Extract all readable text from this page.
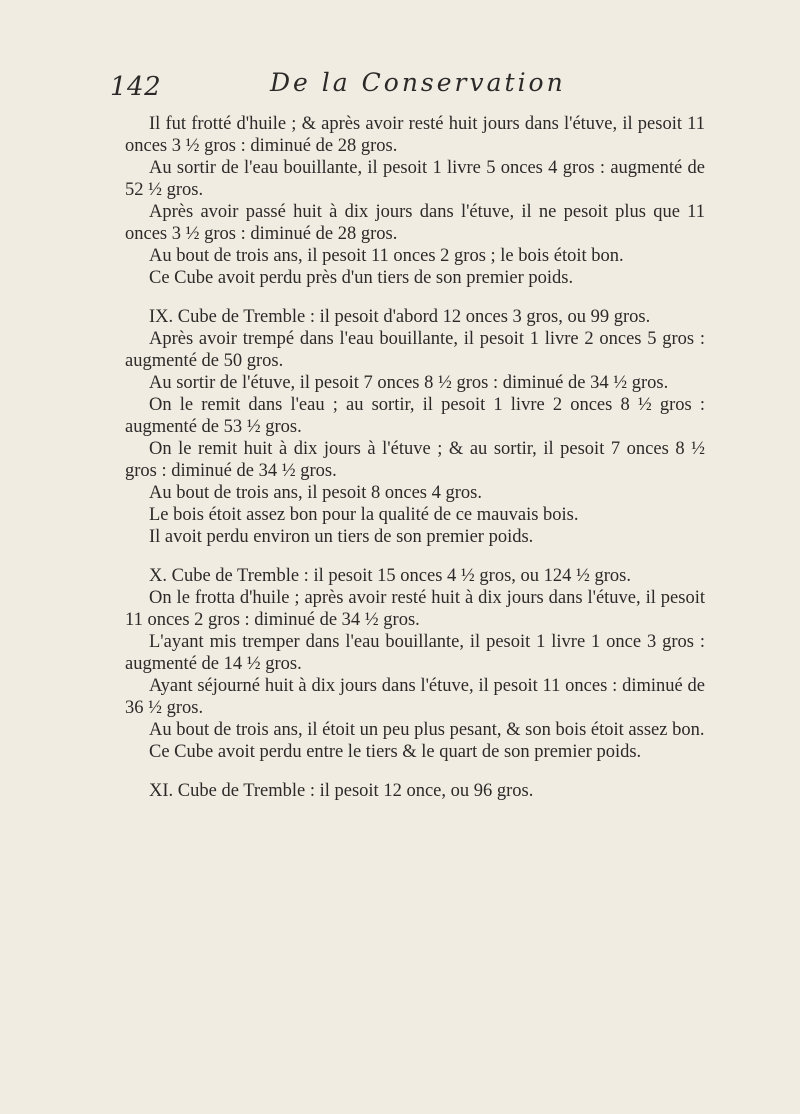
142	De la Conservation

Il fut frotté d'huile ; & après avoir resté huit jours dans l'étuve, il pesoit 11 onces 3 ½ gros : diminué de 28 gros.

Au sortir de l'eau bouillante, il pesoit 1 livre 5 onces 4 gros : augmenté de 52 ½ gros.

Après avoir passé huit à dix jours dans l'étuve, il ne pesoit plus que 11 onces 3 ½ gros : diminué de 28 gros.

Au bout de trois ans, il pesoit 11 onces 2 gros ; le bois étoit bon.

Ce Cube avoit perdu près d'un tiers de son premier poids.

IX. Cube de Tremble : il pesoit d'abord 12 onces 3 gros, ou 99 gros.

Après avoir trempé dans l'eau bouillante, il pesoit 1 livre 2 onces 5 gros : augmenté de 50 gros.

Au sortir de l'étuve, il pesoit 7 onces 8 ½ gros : diminué de 34 ½ gros.

On le remit dans l'eau ; au sortir, il pesoit 1 livre 2 onces 8 ½ gros : augmenté de 53 ½ gros.

On le remit huit à dix jours à l'étuve ; & au sortir, il pesoit 7 onces 8 ½ gros : diminué de 34 ½ gros.

Au bout de trois ans, il pesoit 8 onces 4 gros.

Le bois étoit assez bon pour la qualité de ce mauvais bois.

Il avoit perdu environ un tiers de son premier poids.

X. Cube de Tremble : il pesoit 15 onces 4 ½ gros, ou 124 ½ gros.

On le frotta d'huile ; après avoir resté huit à dix jours dans l'étuve, il pesoit 11 onces 2 gros : diminué de 34 ½ gros.

L'ayant mis tremper dans l'eau bouillante, il pesoit 1 livre 1 once 3 gros : augmenté de 14 ½ gros.

Ayant séjourné huit à dix jours dans l'étuve, il pesoit 11 onces : diminué de 36 ½ gros.

Au bout de trois ans, il étoit un peu plus pesant, & son bois étoit assez bon.

Ce Cube avoit perdu entre le tiers & le quart de son premier poids.

XI. Cube de Tremble : il pesoit 12 once, ou 96 gros.
